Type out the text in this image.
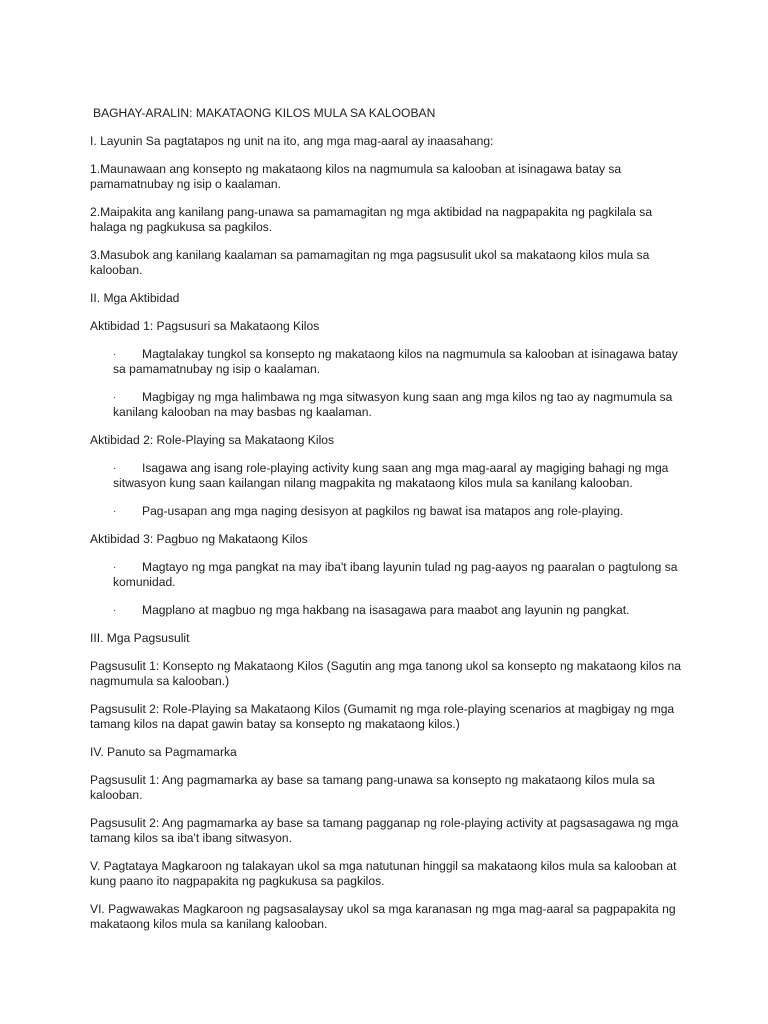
BAGHAY-ARALIN: MAKATAONG KILOS MULA SA KALOOBAN

I. Layunin Sa pagtatapos ng unit na ito, ang mga mag-aaral ay inaasahang:

1.Maunawaan ang konsepto ng makataong kilos na nagmumula sa kalooban at isinagawa batay sa pamamatnubay ng isip o kaalaman.

2.Maipakita ang kanilang pang-unawa sa pamamagitan ng mga aktibidad na nagpapakita ng pagkilala sa halaga ng pagkukusa sa pagkilos.

3.Masubok ang kanilang kaalaman sa pamamagitan ng mga pagsusulit ukol sa makataong kilos mula sa kalooban.

II. Mga Aktibidad

Aktibidad 1: Pagsusuri sa Makataong Kilos

·	Magtalakay tungkol sa konsepto ng makataong kilos na nagmumula sa kalooban at isinagawa batay sa pamamatnubay ng isip o kaalaman.
·	Magbigay ng mga halimbawa ng mga sitwasyon kung saan ang mga kilos ng tao ay nagmumula sa kanilang kalooban na may basbas ng kaalaman.

Aktibidad 2: Role-Playing sa Makataong Kilos

·	Isagawa ang isang role-playing activity kung saan ang mga mag-aaral ay magiging bahagi ng mga sitwasyon kung saan kailangan nilang magpakita ng makataong kilos mula sa kanilang kalooban.
·	Pag-usapan ang mga naging desisyon at pagkilos ng bawat isa matapos ang role-playing.

Aktibidad 3: Pagbuo ng Makataong Kilos

·	Magtayo ng mga pangkat na may iba't ibang layunin tulad ng pag-aayos ng paaralan o pagtulong sa komunidad.
·	Magplano at magbuo ng mga hakbang na isasagawa para maabot ang layunin ng pangkat.

III. Mga Pagsusulit

Pagsusulit 1: Konsepto ng Makataong Kilos (Sagutin ang mga tanong ukol sa konsepto ng makataong kilos na nagmumula sa kalooban.)

Pagsusulit 2: Role-Playing sa Makataong Kilos (Gumamit ng mga role-playing scenarios at magbigay ng mga tamang kilos na dapat gawin batay sa konsepto ng makataong kilos.)

IV. Panuto sa Pagmamarka

Pagsusulit 1: Ang pagmamarka ay base sa tamang pang-unawa sa konsepto ng makataong kilos mula sa kalooban.

Pagsusulit 2: Ang pagmamarka ay base sa tamang pagganap ng role-playing activity at pagsasagawa ng mga tamang kilos sa iba't ibang sitwasyon.

V. Pagtataya Magkaroon ng talakayan ukol sa mga natutunan hinggil sa makataong kilos mula sa kalooban at kung paano ito nagpapakita ng pagkukusa sa pagkilos.

VI. Pagwawakas Magkaroon ng pagsasalaysay ukol sa mga karanasan ng mga mag-aaral sa pagpapakita ng makataong kilos mula sa kanilang kalooban.
